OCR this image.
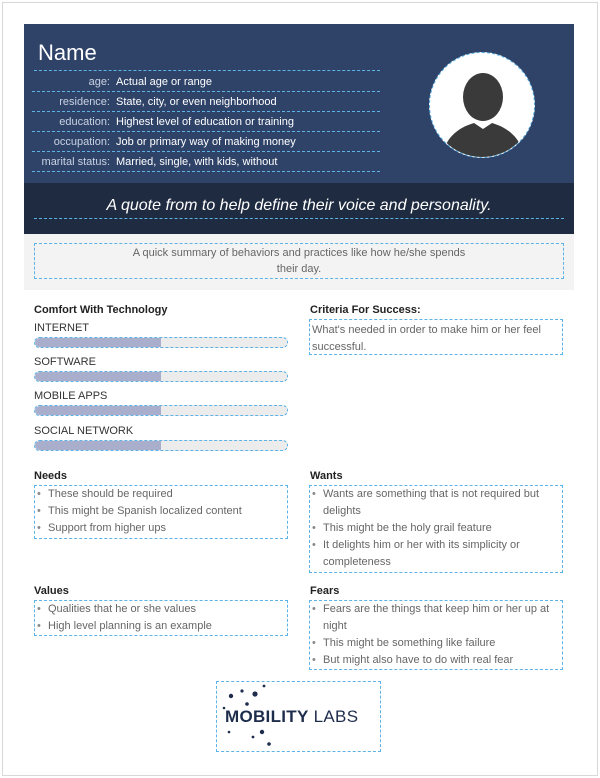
Name
age: Actual age or range
residence: State, city, or even neighborhood
education: Highest level of education or training
occupation: Job or primary way of making money
marital status: Married, single, with kids, without
A quote from to help define their voice and personality.
A quick summary of behaviors and practices like how he/she spends their day.
Comfort With Technology
INTERNET
SOFTWARE
MOBILE APPS
SOCIAL NETWORK
Criteria For Success:
What's needed in order to make him or her feel successful.
Needs
• These should be required
• This might be Spanish localized content
• Support from higher ups
Wants
• Wants are something that is not required but delights
• This might be the holy grail feature
• It delights him or her with its simplicity or completeness
Values
• Qualities that he or she values
• High level planning is an example
Fears
• Fears are the things that keep him or her up at night
• This might be something like failure
• But might also have to do with real fear
MOBILITY LABS
